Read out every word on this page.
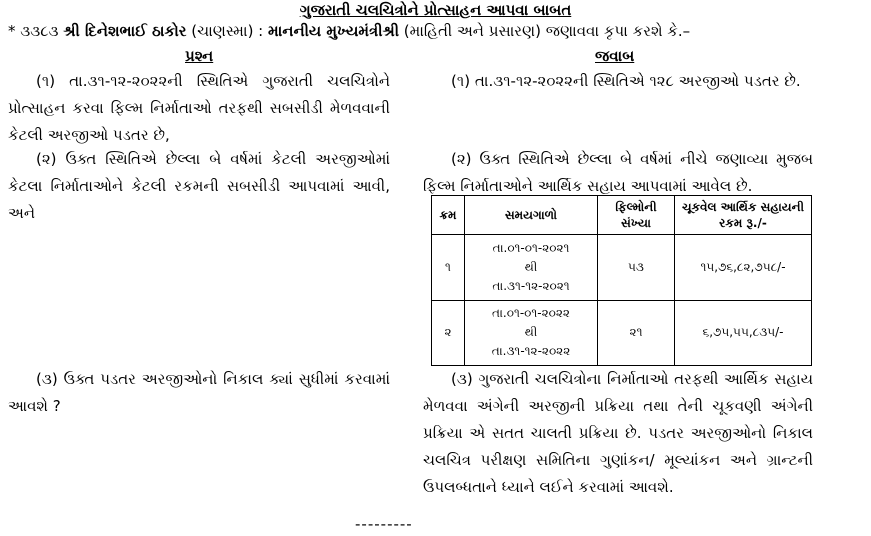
ગુજરાતી ચલચિત્રોને પ્રોત્સાહન આપવા બાબત
* ૩૩૮૩ શ્રી દિનેશભાઈ ઠાકોર (ચાણસ્મા) : માનનીય મુખ્યમંત્રીશ્રી (માહિતી અને પ્રસારણ) જણાવવા કૃપા કરશે કે.–
પ્રશ્ન	જવાબ
(૧) તા.૩૧-૧૨-૨૦૨૨ની સ્થિતિએ ગુજરાતી ચલચિત્રોને પ્રોત્સાહન કરવા ફિલ્મ નિર્માતાઓ તરફથી સબસીડી મેળવવાની કેટલી અરજીઓ પડતર છે,
(૨) ઉક્ત સ્થિતિએ છેલ્લા બે વર્ષમાં કેટલી અરજીઓમાં કેટલા નિર્માતાઓને કેટલી રકમની સબસીડી આપવામાં આવી, અને
(૩) ઉક્ત પડતર અરજીઓનો નિકાલ ક્યાં સુધીમાં કરવામાં આવશે ?
(૧) તા.૩૧-૧૨-૨૦૨૨ની સ્થિતિએ ૧૨૮ અરજીઓ પડતર છે.
(૨) ઉક્ત સ્થિતિએ છેલ્લા બે વર્ષમાં નીચે જણાવ્યા મુજબ ફિલ્મ નિર્માતાઓને આર્થિક સહાય આપવામાં આવેલ છે.
ક્રમ	સમયગાળો	ફિલ્મોની સંખ્યા	ચૂકવેલ આર્થિક સહાયની રકમ રૂ./-
૧	તા.૦૧-૦૧-૨૦૨૧
થી
તા.૩૧-૧૨-૨૦૨૧	૫૩	૧૫,૭૬,૮૨,૭૫૮/-
૨	તા.૦૧-૦૧-૨૦૨૨
થી
તા.૩૧-૧૨-૨૦૨૨	૨૧	૬,૭૫,૫૫,૮૩૫/-
(૩) ગુજરાતી ચલચિત્રોના નિર્માતાઓ તરફથી આર્થિક સહાય મેળવવા અંગેની અરજીની પ્રક્રિયા તથા તેની ચૂકવણી અંગેની પ્રક્રિયા એ સતત ચાલતી પ્રક્રિયા છે. પડતર અરજીઓનો નિકાલ ચલચિત્ર પરીક્ષણ સમિતિના ગુણાંકન/ મૂલ્યાંકન અને ગ્રાન્ટની ઉપલબ્ધતાને ધ્યાને લઈને કરવામાં આવશે.
---------
